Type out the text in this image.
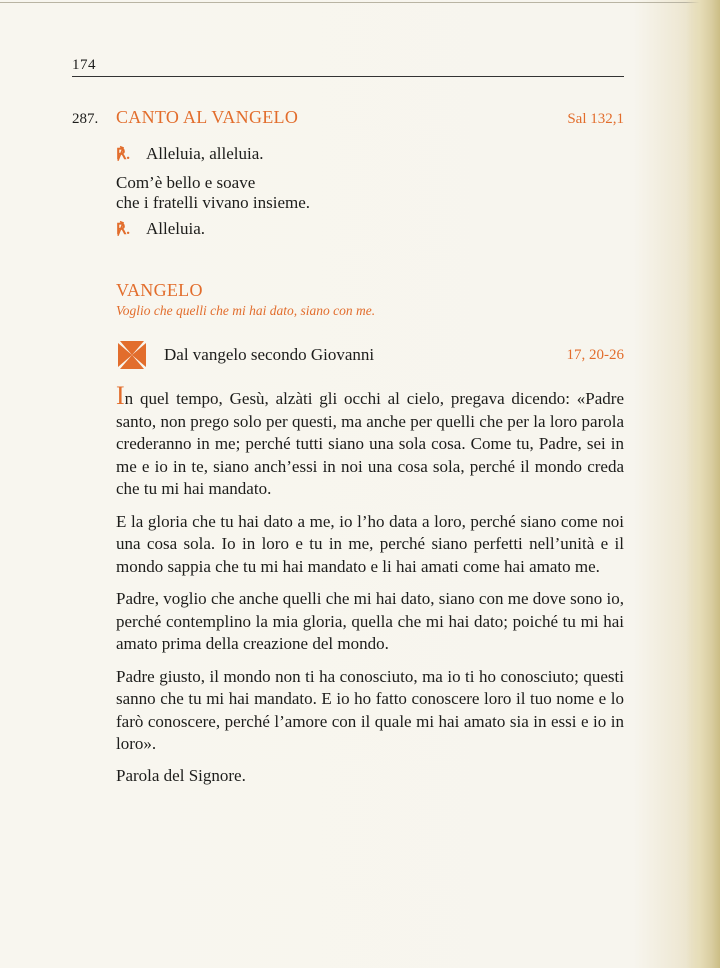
174
287. CANTO AL VANGELO	Sal 132,1
℟. Alleluia, alleluia.
Com’è bello e soave
che i fratelli vivano insieme.
℟. Alleluia.
VANGELO
Voglio che quelli che mi hai dato, siano con me.
Dal vangelo secondo Giovanni	17, 20-26

In quel tempo, Gesù, alzàti gli occhi al cielo, pregava dicendo: «Padre santo, non prego solo per questi, ma anche per quelli che per la loro parola crederanno in me; perché tutti siano una sola cosa. Come tu, Padre, sei in me e io in te, siano anch’essi in noi una cosa sola, perché il mondo creda che tu mi hai mandato.

E la gloria che tu hai dato a me, io l’ho data a loro, perché siano come noi una cosa sola. Io in loro e tu in me, perché siano perfetti nell’unità e il mondo sappia che tu mi hai mandato e li hai amati come hai amato me.

Padre, voglio che anche quelli che mi hai dato, siano con me dove sono io, perché contemplino la mia gloria, quella che mi hai dato; poiché tu mi hai amato prima della creazione del mondo.

Padre giusto, il mondo non ti ha conosciuto, ma io ti ho conosciuto; questi sanno che tu mi hai mandato. E io ho fatto conoscere loro il tuo nome e lo farò conoscere, perché l’amore con il quale mi hai amato sia in essi e io in loro».

Parola del Signore.
